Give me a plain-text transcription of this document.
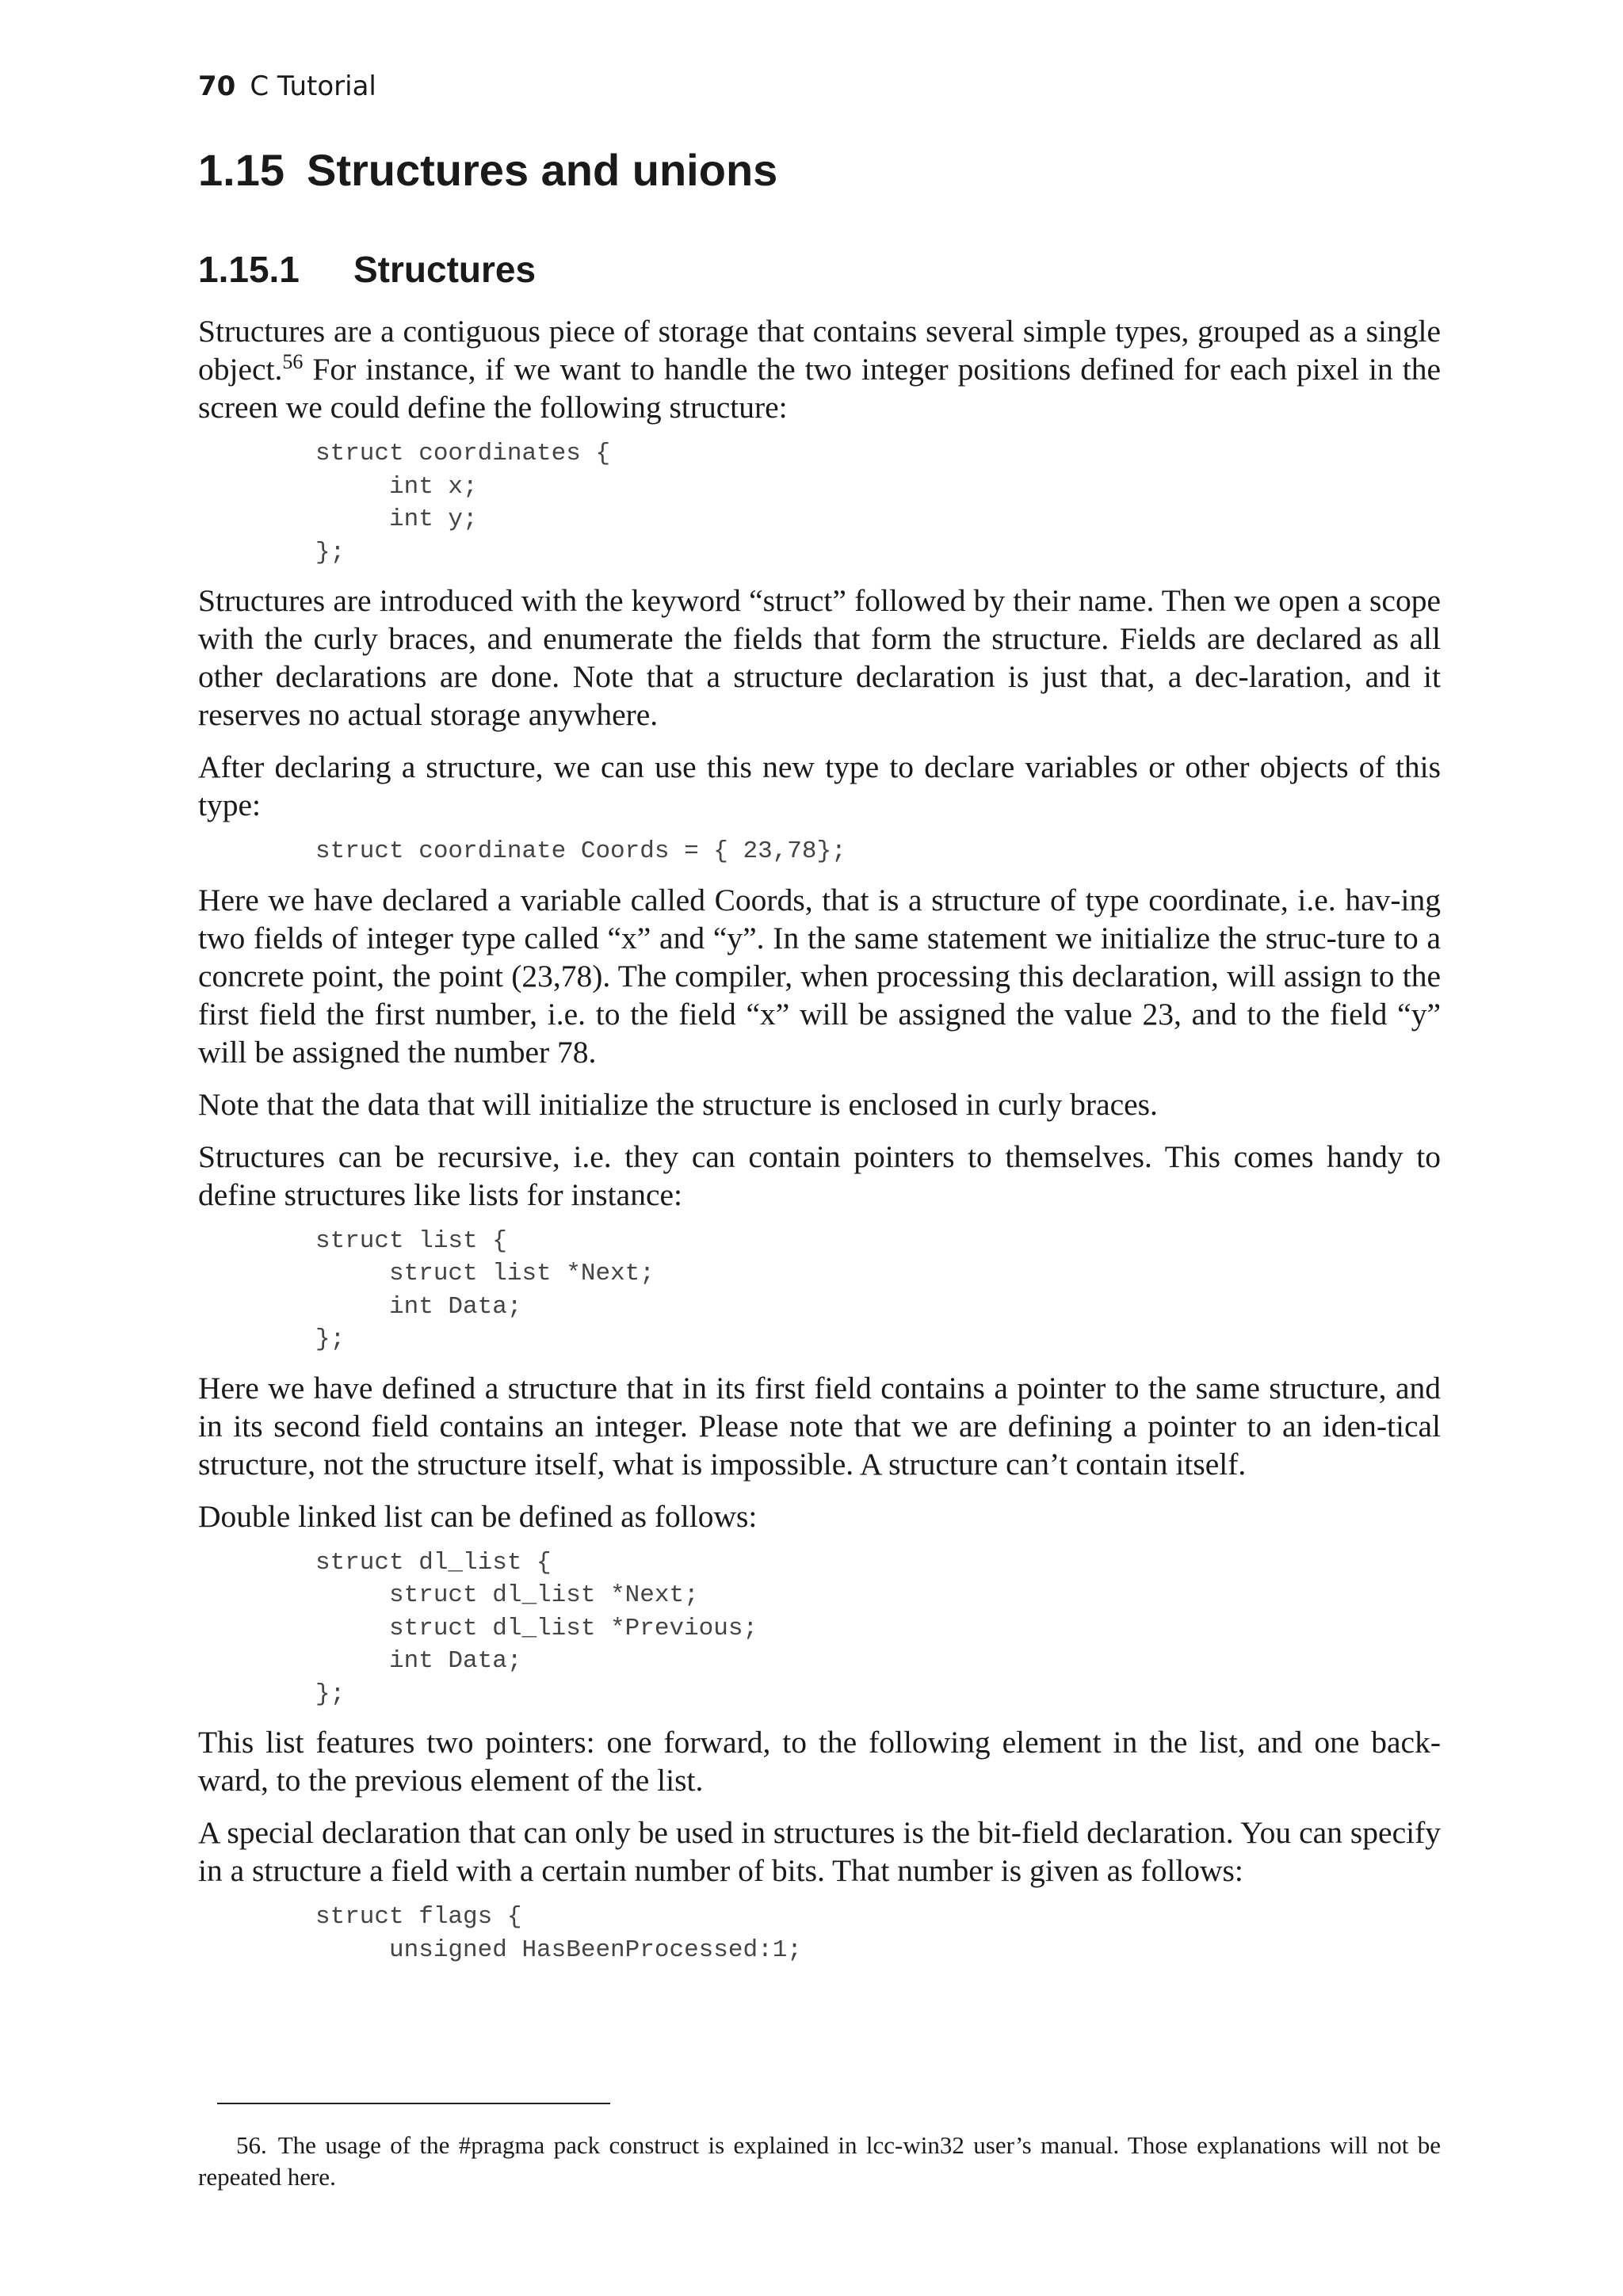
70 C Tutorial
1.15 Structures and unions
1.15.1 Structures

Structures are a contiguous piece of storage that contains several simple types, grouped as a single object.$^{56}$ For instance, if we want to handle the two integer positions defined for each pixel in the screen we could define the following structure:

struct coordinates {
int x;
int y;
};

Structures are introduced with the keyword “struct” followed by their name. Then we open a scope with the curly braces, and enumerate the fields that form the structure. Fields are declared as all other declarations are done. Note that a structure declaration is just that, a dec-laration, and it reserves no actual storage anywhere.

After declaring a structure, we can use this new type to declare variables or other objects of this type:

struct coordinate Coords = { 23,78};

Here we have declared a variable called Coords, that is a structure of type coordinate, i.e. hav-ing two fields of integer type called “x” and “y”. In the same statement we initialize the struc-ture to a concrete point, the point (23,78). The compiler, when processing this declaration, will assign to the first field the first number, i.e. to the field “x” will be assigned the value 23, and to the field “y” will be assigned the number 78.

Note that the data that will initialize the structure is enclosed in curly braces.

Structures can be recursive, i.e. they can contain pointers to themselves. This comes handy to define structures like lists for instance:

struct list {
struct list *Next;
int Data;
};

Here we have defined a structure that in its first field contains a pointer to the same structure, and in its second field contains an integer. Please note that we are defining a pointer to an iden-tical structure, not the structure itself, what is impossible. A structure can’t contain itself.

Double linked list can be defined as follows:

struct dl_list {
struct dl_list *Next;
struct dl_list *Previous;
int Data;
};

This list features two pointers: one forward, to the following element in the list, and one back-ward, to the previous element of the list.

A special declaration that can only be used in structures is the bit-field declaration. You can specify in a structure a field with a certain number of bits. That number is given as follows:

struct flags {
unsigned HasBeenProcessed:1;
56. The usage of the #pragma pack construct is explained in lcc-win32 user’s manual. Those explanations will not be repeated here.
